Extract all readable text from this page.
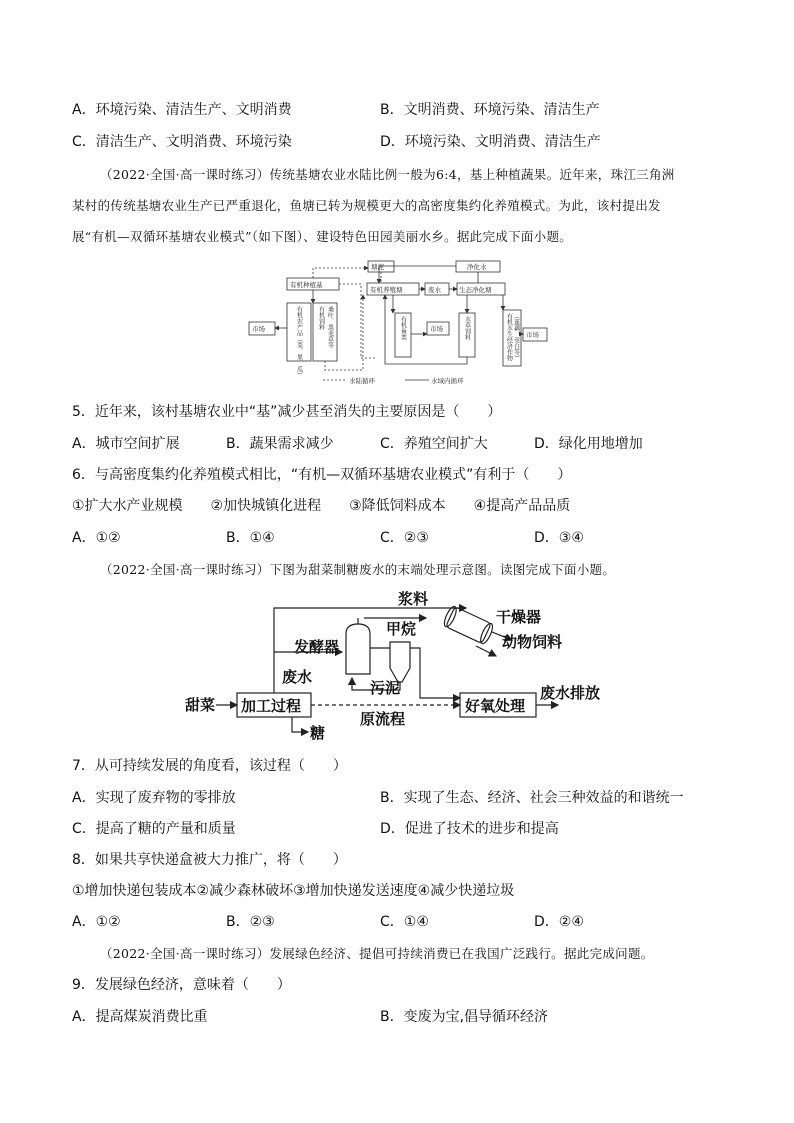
A．环境污染、清洁生产、文明消费	B．文明消费、环境污染、清洁生产
C．清洁生产、文明消费、环境污染	D．环境污染、文明消费、清洁生产
（2022·全国·高一课时练习）传统基塘农业水陆比例一般为6:4，基上种植蔬果。近年来，珠江三角洲
某村的传统基塘农业生产已严重退化，鱼塘已转为规模更大的高密度集约化养殖模式。为此，该村提出发
展“有机—双循环基塘农业模式”（如下图）、建设特色田园美丽水乡。据此完成下面小题。
塘泥	净化水
有机种植基
市场
有机养殖塘	废水	生态净化塘
市场
市场
水陆循环	水域内循环
有机农产品（菜、果、瓜）	有机饲料 桑叶、黑麦草等	有机鱼类	水草饲料	有机水生经济作物 （莲藕、茭白等）
5．近年来，该村基塘农业中“基”减少甚至消失的主要原因是（　　）
A．城市空间扩展	B．蔬果需求减少	C．养殖空间扩大	D．绿化用地增加
6．与高密度集约化养殖模式相比，“有机—双循环基塘农业模式”有利于（　　）
①扩大水产业规模　　②加快城镇化进程　　③降低饲料成本　　④提高产品品质
A．①②	B．①④	C．②③	D．③④
（2022·全国·高一课时练习）下图为甜菜制糖废水的末端处理示意图。读图完成下面小题。
浆料
干燥器
甲烷
动物饲料
发酵器
废水
污泥
甜菜 加工过程
原流程
好氧处理
废水排放
糖
7．从可持续发展的角度看，该过程（　　）
A．实现了废弃物的零排放	B．实现了生态、经济、社会三种效益的和谐统一
C．提高了糖的产量和质量	D．促进了技术的进步和提高
8．如果共享快递盒被大力推广，将（　　）
①增加快递包装成本②减少森林破坏③增加快递发送速度④减少快递垃圾
A．①②	B．②③	C．①④	D．②④
（2022·全国·高一课时练习）发展绿色经济、提倡可持续消费已在我国广泛践行。据此完成问题。
9．发展绿色经济，意味着（　　）
A．提高煤炭消费比重	B．变废为宝,倡导循环经济
